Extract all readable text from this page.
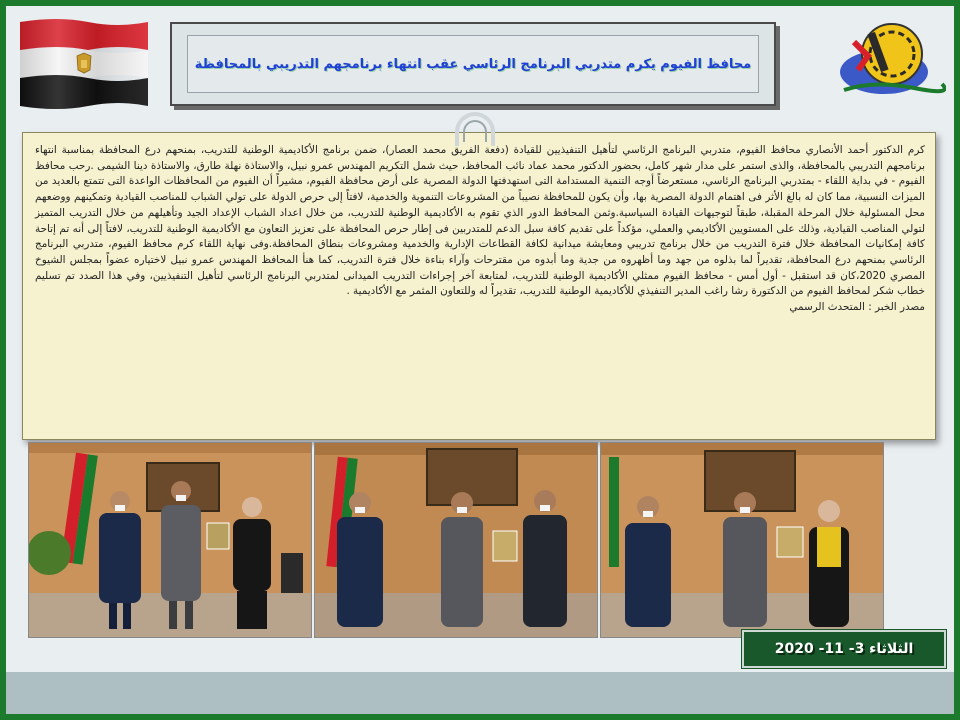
محافظ الفيوم يكرم متدربي البرنامج الرئاسي عقب انتهاء برنامجهم التدريبي بالمحافظة

كرم الدكتور أحمد الأنصاري محافظ الفيوم، متدربي البرنامج الرئاسي لتأهيل التنفيذيين للقيادة (دفعة الفريق محمد العصار)، ضمن برنامج الأكاديمية الوطنية للتدريب، بمنحهم درع المحافظة بمناسبة انتهاء برنامجهم التدريبي بالمحافظة، والذى استمر على مدار شهر كامل، بحضور الدكتور محمد عماد نائب المحافظ، حيث شمل التكريم المهندس عمرو نبيل، والاستاذة نهلة طارق، والاستاذة دينا الشيمى .رحب محافظ الفيوم - في بداية اللقاء - بمتدربي البرنامج الرئاسي، مستعرضاً أوجه التنمية المستدامة التى استهدفتها الدولة المصرية على أرض محافظة الفيوم، مشيراً أن الفيوم من المحافظات الواعدة التى تتمتع بالعديد من الميزات النسبية، مما كان له بالغ الأثر فى اهتمام الدولة المصرية بها، وأن يكون للمحافظة نصيباً من المشروعات التنموية والخدمية، لافتاً إلى حرص الدولة على تولي الشباب للمناصب القيادية وتمكينهم ووضعهم محل المسئولية خلال المرحلة المقبلة، طبقاً لتوجيهات القيادة السياسية.وثمن المحافظ الدور الذي تقوم به الأكاديمية الوطنية للتدريب، من خلال اعداد الشباب الإعداد الجيد وتأهيلهم من خلال التدريب المتميز لتولي المناصب القيادية، وذلك على المستويين الأكاديمي والعملي، مؤكداً على تقديم كافة سبل الدعم للمتدربين فى إطار حرص المحافظة على تعزيز التعاون مع الأكاديمية الوطنية للتدريب، لافتاً إلى أنه تم إتاحة كافة إمكانيات المحافظة خلال فترة التدريب من خلال برنامج تدريبي ومعايشة ميدانية لكافة القطاعات الإدارية والخدمية ومشروعات بنطاق المحافظة.وفى نهاية اللقاء كرم محافظ الفيوم، متدربي البرنامج الرئاسي بمنحهم درع المحافظة، تقديراً لما بذلوه من جهد وما أظهروه من جدية وما أبدوه من مقترحات وآراء بناءة خلال فترة التدريب، كما هنأ المحافظ المهندس عمرو نبيل لاختياره عضواً بمجلس الشيوخ المصري 2020،كان قد استقبل - أول أمس - محافظ الفيوم ممثلي الأكاديمية الوطنية للتدريب، لمتابعة آخر إجراءات التدريب الميدانى لمتدربي البرنامج الرئاسي لتأهيل التنفيذيين، وفي هذا الصدد تم تسليم خطاب شكر لمحافظ الفيوم من الدكتورة رشا راغب المدير التنفيذي للأكاديمية الوطنية للتدريب، تقديراً له وللتعاون المثمر مع الأكاديمية .

مصدر الخبر : المتحدث الرسمي

الثلاثاء 3- 11- 2020
